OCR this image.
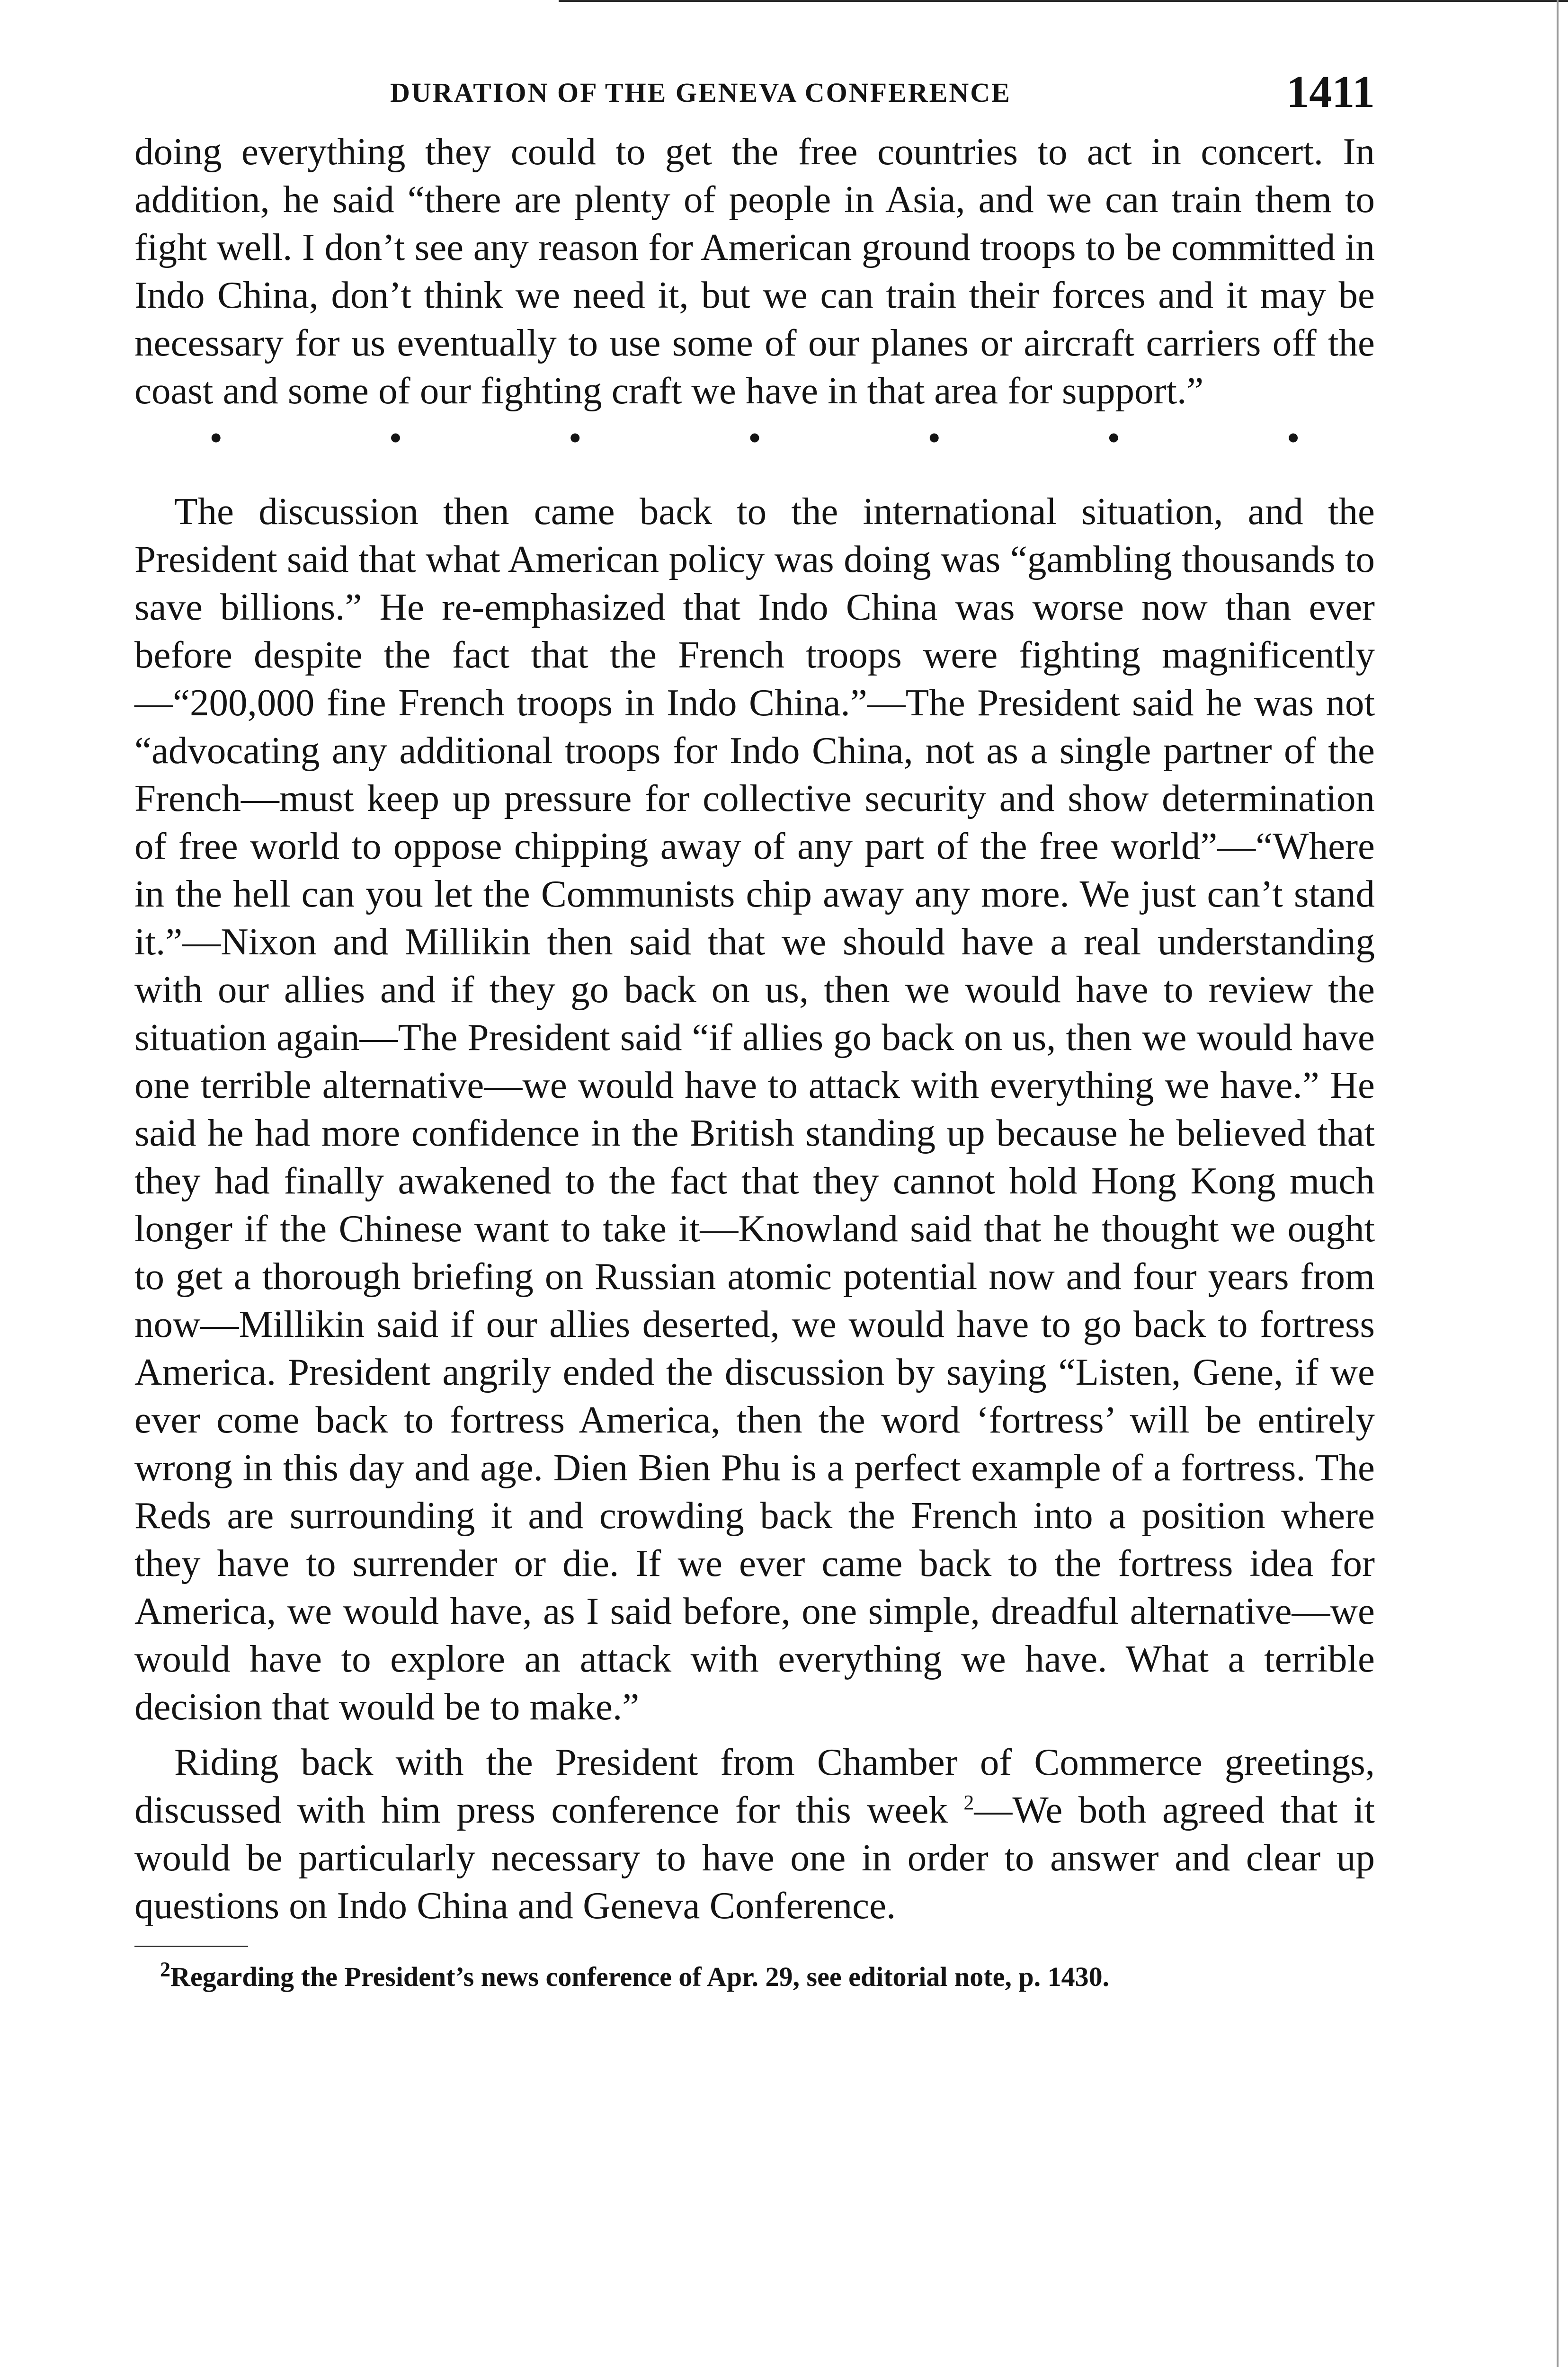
DURATION OF THE GENEVA CONFERENCE	1411

doing everything they could to get the free countries to act in concert. In addition, he said “there are plenty of people in Asia, and we can train them to fight well. I don’t see any reason for American ground troops to be committed in Indo China, don’t think we need it, but we can train their forces and it may be necessary for us eventually to use some of our planes or aircraft carriers off the coast and some of our fighting craft we have in that area for support.”

•	•	•	•	•	•	•

The discussion then came back to the international situation, and the President said that what American policy was doing was “gambling thousands to save billions.” He re-emphasized that Indo China was worse now than ever before despite the fact that the French troops were fighting magnificently—“200,000 fine French troops in Indo China.”—The President said he was not “advocating any additional troops for Indo China, not as a single partner of the French—must keep up pressure for collective security and show determination of free world to oppose chipping away of any part of the free world”—“Where in the hell can you let the Communists chip away any more. We just can’t stand it.”—Nixon and Millikin then said that we should have a real understanding with our allies and if they go back on us, then we would have to review the situation again—The President said “if allies go back on us, then we would have one terrible alternative—we would have to attack with everything we have.” He said he had more confidence in the British standing up because he believed that they had finally awakened to the fact that they cannot hold Hong Kong much longer if the Chinese want to take it—Knowland said that he thought we ought to get a thorough briefing on Russian atomic potential now and four years from now—Millikin said if our allies deserted, we would have to go back to fortress America. President angrily ended the discussion by saying “Listen, Gene, if we ever come back to fortress America, then the word ‘fortress’ will be entirely wrong in this day and age. Dien Bien Phu is a perfect example of a fortress. The Reds are surrounding it and crowding back the French into a position where they have to surrender or die. If we ever came back to the fortress idea for America, we would have, as I said before, one simple, dreadful alternative—we would have to explore an attack with everything we have. What a terrible decision that would be to make.”

Riding back with the President from Chamber of Commerce greetings, discussed with him press conference for this week $^2$—We both agreed that it would be particularly necessary to have one in order to answer and clear up questions on Indo China and Geneva Conference.

$^2$Regarding the President’s news conference of Apr. 29, see editorial note, p. 1430.
